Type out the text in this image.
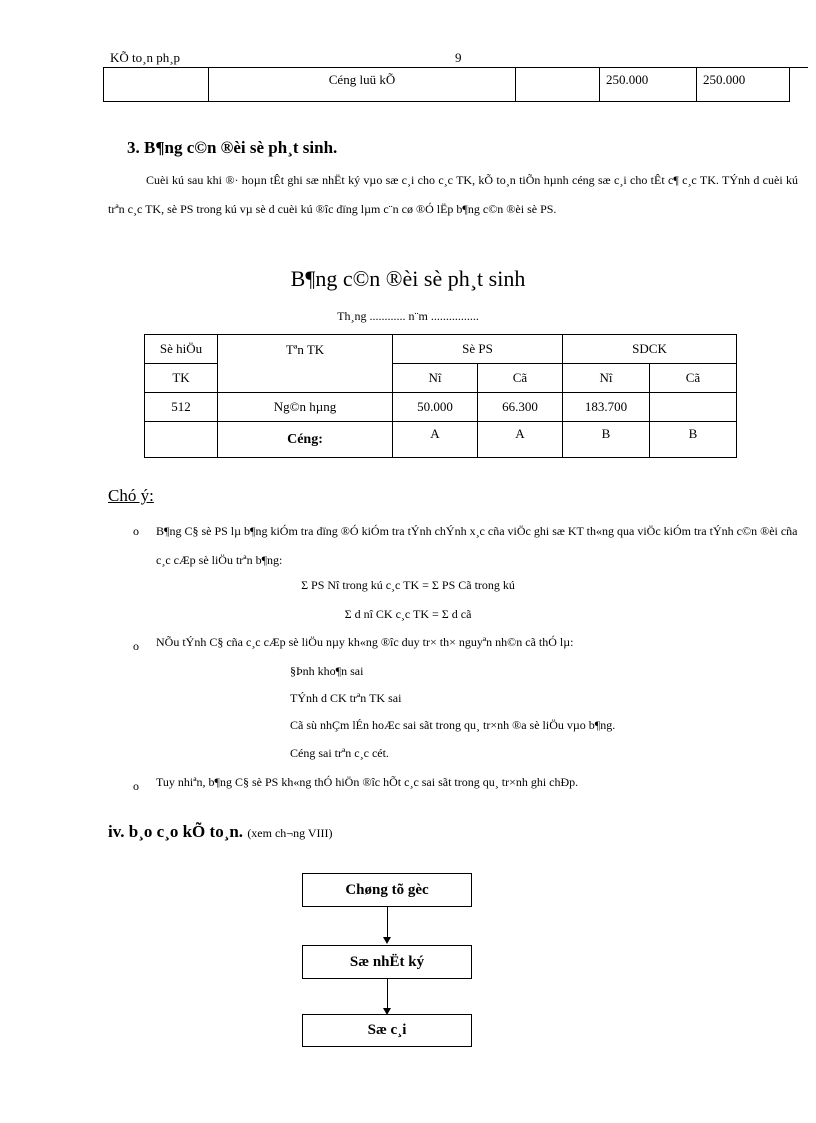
KÕ to¸n ph¸p	9
	Céng luü kÕ		250.000	250.000
3. B¶ng c©n ®èi sè ph¸t sinh.
Cuèi kú sau khi ®· hoµn tÊt ghi sæ nhËt ký vµo sæ c¸i cho c¸c TK, kÕ to¸n tiÕn hµnh céng sæ c¸i cho tÊt c¶ c¸c TK. TÝnh d cuèi kú trªn c¸c TK, sè PS trong kú vµ sè d cuèi kú ®îc dïng lµm c¨n cø ®Ó lËp b¶ng c©n ®èi sè PS.
B¶ng c©n ®èi sè ph¸t sinh
Th¸ng ............ n¨m ................
Sè hiÖu	Tªn TK	Sè PS		SDCK	
TK		Nî	Cã	Nî	Cã
512	Ng©n hµng	50.000	66.300	183.700	
	Céng:	A	A	B	B
Chó ý:
o B¶ng C§ sè PS lµ b¶ng kiÓm tra dïng ®Ó kiÓm tra tÝnh chÝnh x¸c cña viÖc ghi sæ KT th«ng qua viÖc kiÓm tra tÝnh c©n ®èi cña c¸c cÆp sè liÖu trªn b¶ng:
Σ PS Nî trong kú c¸c TK = Σ PS Cã trong kú
Σ d nî CK c¸c TK = Σ d cã
o NÕu tÝnh C§ cña c¸c cÆp sè liÖu nµy kh«ng ®îc duy tr× th× nguyªn nh©n cã thÓ lµ:
§Þnh kho¶n sai
TÝnh d CK trªn TK sai
Cã sù nhÇm lÉn hoÆc sai sãt trong qu¸ tr×nh ®a sè liÖu vµo b¶ng.
Céng sai trªn c¸c cét.
o Tuy nhiªn, b¶ng C§ sè PS kh«ng thÓ hiÖn ®îc hÕt c¸c sai sãt trong qu¸ tr×nh ghi chÐp.
iv. b¸o c¸o kÕ to¸n. (xem ch¬ng VIII)
Chøng tõ gèc
Sæ nhËt ký
Sæ c¸i
